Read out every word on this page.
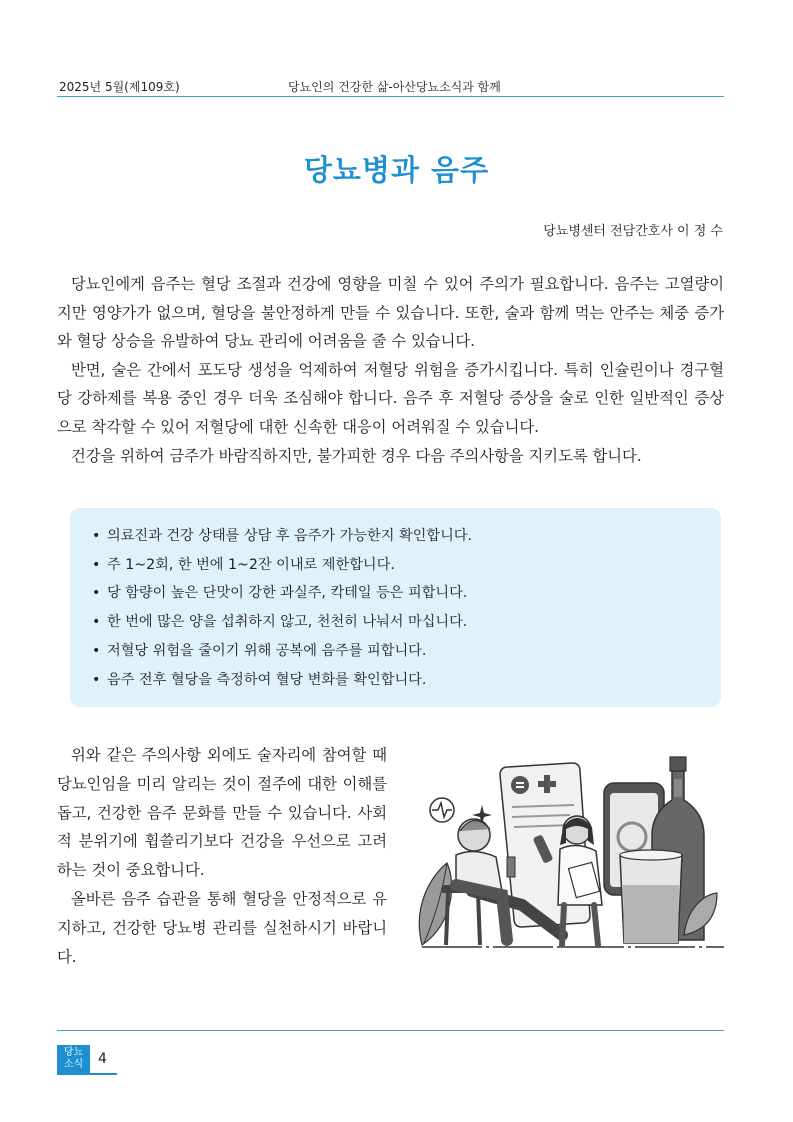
2025년 5월(제109호)	당뇨인의 건강한 삶-아산당뇨소식과 함께
당뇨병과 음주
당뇨병센터 전담간호사 이 정 수

당뇨인에게 음주는 혈당 조절과 건강에 영향을 미칠 수 있어 주의가 필요합니다. 음주는 고열량이지만 영양가가 없으며, 혈당을 불안정하게 만들 수 있습니다. 또한, 술과 함께 먹는 안주는 체중 증가와 혈당 상승을 유발하여 당뇨 관리에 어려움을 줄 수 있습니다.

반면, 술은 간에서 포도당 생성을 억제하여 저혈당 위험을 증가시킵니다. 특히 인슐린이나 경구혈당 강하제를 복용 중인 경우 더욱 조심해야 합니다. 음주 후 저혈당 증상을 술로 인한 일반적인 증상으로 착각할 수 있어 저혈당에 대한 신속한 대응이 어려워질 수 있습니다.

건강을 위하여 금주가 바람직하지만, 불가피한 경우 다음 주의사항을 지키도록 합니다.

• 의료진과 건강 상태를 상담 후 음주가 가능한지 확인합니다.
• 주 1~2회, 한 번에 1~2잔 이내로 제한합니다.
• 당 함량이 높은 단맛이 강한 과실주, 칵테일 등은 피합니다.
• 한 번에 많은 양을 섭취하지 않고, 천천히 나눠서 마십니다.
• 저혈당 위험을 줄이기 위해 공복에 음주를 피합니다.
• 음주 전후 혈당을 측정하여 혈당 변화를 확인합니다.

위와 같은 주의사항 외에도 술자리에 참여할 때 당뇨인임을 미리 알리는 것이 절주에 대한 이해를 돕고, 건강한 음주 문화를 만들 수 있습니다. 사회적 분위기에 휩쓸리기보다 건강을 우선으로 고려하는 것이 중요합니다.

올바른 음주 습관을 통해 혈당을 안정적으로 유지하고, 건강한 당뇨병 관리를 실천하시기 바랍니다.

당뇨
소식	4
